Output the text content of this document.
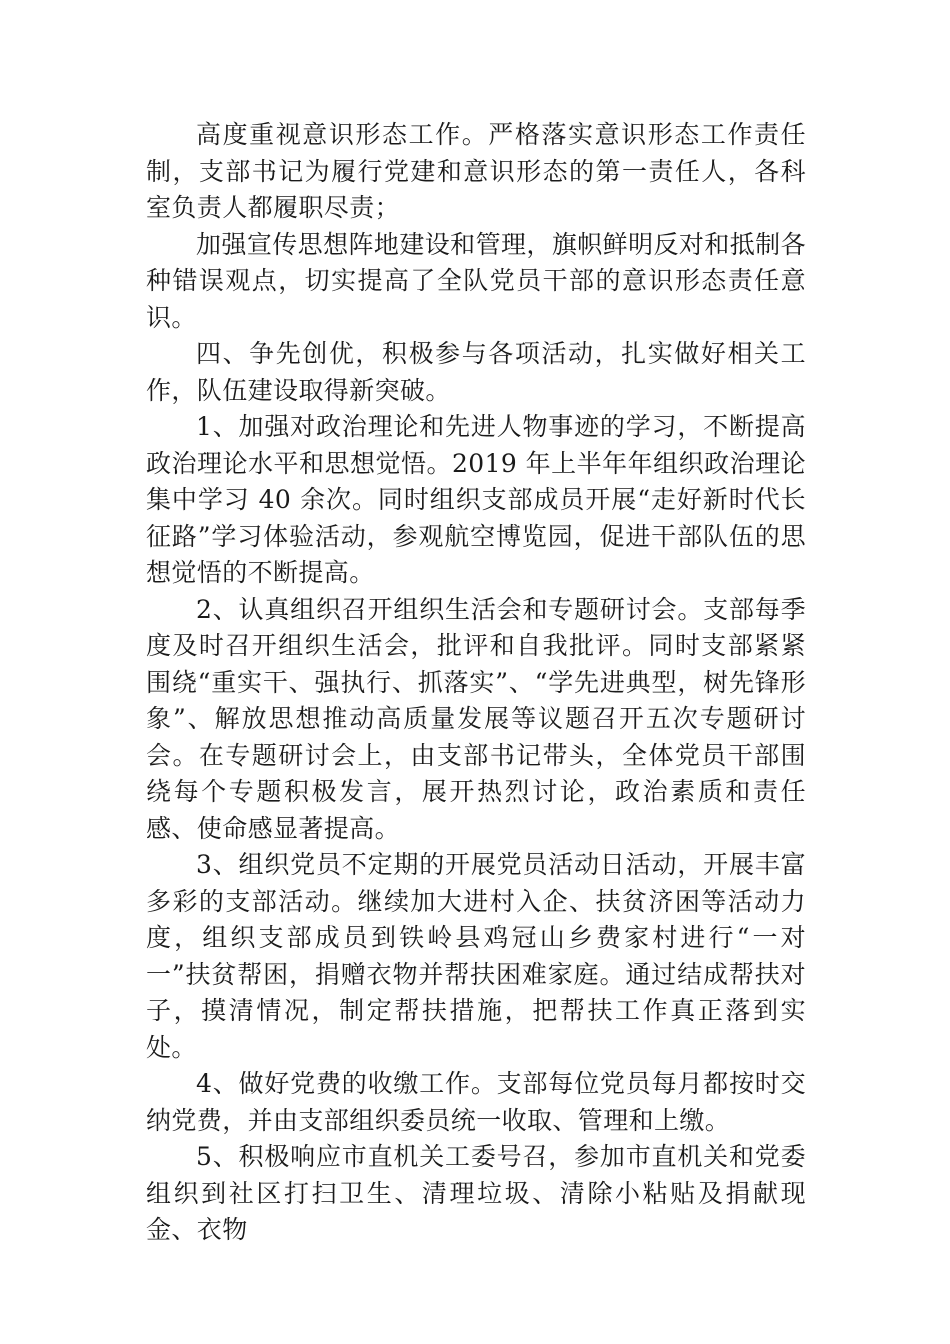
高度重视意识形态工作。严格落实意识形态工作责任制，支部书记为履行党建和意识形态的第一责任人，各科室负责人都履职尽责；

加强宣传思想阵地建设和管理，旗帜鲜明反对和抵制各种错误观点，切实提高了全队党员干部的意识形态责任意识。

四、争先创优，积极参与各项活动，扎实做好相关工作，队伍建设取得新突破。

1、加强对政治理论和先进人物事迹的学习，不断提高政治理论水平和思想觉悟。2019 年上半年年组织政治理论集中学习 40 余次。同时组织支部成员开展“走好新时代长征路”学习体验活动，参观航空博览园，促进干部队伍的思想觉悟的不断提高。

2、认真组织召开组织生活会和专题研讨会。支部每季度及时召开组织生活会，批评和自我批评。同时支部紧紧围绕“重实干、强执行、抓落实”、“学先进典型，树先锋形象”、解放思想推动高质量发展等议题召开五次专题研讨会。在专题研讨会上，由支部书记带头，全体党员干部围绕每个专题积极发言，展开热烈讨论，政治素质和责任感、使命感显著提高。

3、组织党员不定期的开展党员活动日活动，开展丰富多彩的支部活动。继续加大进村入企、扶贫济困等活动力度，组织支部成员到铁岭县鸡冠山乡费家村进行“一对一”扶贫帮困，捐赠衣物并帮扶困难家庭。通过结成帮扶对子，摸清情况，制定帮扶措施，把帮扶工作真正落到实处。

4、做好党费的收缴工作。支部每位党员每月都按时交纳党费，并由支部组织委员统一收取、管理和上缴。

5、积极响应市直机关工委号召，参加市直机关和党委组织到社区打扫卫生、清理垃圾、清除小粘贴及捐献现金、衣物
